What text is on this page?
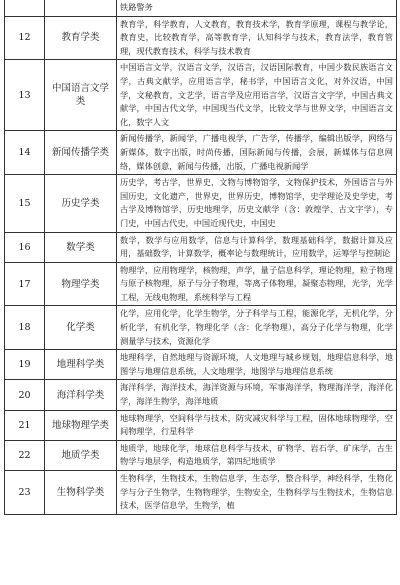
		铁路警务
12	教育学类	教育学，科学教育，人文教育，教育技术学，教育学原理，课程与教学论，教育史，比较教育学，高等教育学，认知科学与技术，教育法学，教育管理，现代教育技术，科学与技术教育
13	中国语言文学类	中国语言文学，汉语言文学，汉语言，汉语国际教育，中国少数民族语言文学，古典文献学，应用语言学，秘书学，中国语言文化，对外汉语，中国学，文秘教育，文艺学，语言学及应用语言学，汉语言文字学，中国古典文献学，中国古代文学，中国现当代文学，比较文学与世界文学，中国语言文化，数字人文
14	新闻传播学类	新闻传播学，新闻学，广播电视学，广告学，传播学，编辑出版学，网络与新媒体，数字出版，时尚传播，国际新闻与传播，会展，新媒体与信息网络，媒体创意，新闻与传播，出版，广播电视新闻学
15	历史学类	历史学，考古学，世界史，文物与博物馆学，文物保护技术，外国语言与外国历史，文化遗产，世界史，世界历史，博物馆学，史学理论及史学史，考古学及博物馆学，历史地理学，历史文献学（含：敦煌学、古文字学），专门史，中国古代史，中国近现代史，中国史
16	数学类	数学，数学与应用数学，信息与计算科学，数理基础科学，数据计算及应用，基础数学，计算数学，概率论与数理统计，应用数学，运筹学与控制论
17	物理学类	物理学，应用物理学，核物理，声学，量子信息科学，理论物理，粒子物理与原子核物理，原子与分子物理，等离子体物理，凝聚态物理，光学，光学工程，无线电物理，系统科学与工程
18	化学类	化学，应用化学，化学生物学，分子科学与工程，能源化学，无机化学，分析化学，有机化学，物理化学（含：化学物理），高分子化学与物理，化学测量学与技术，资源化学
19	地理科学类	地理科学，自然地理与资源环境，人文地理与城乡规划，地理信息科学，地图学与地理信息系统，人文地理学，地图学与地理信息系统
20	海洋科学类	海洋科学，海洋技术，海洋资源与环境，军事海洋学，物理海洋学，海洋化学，海洋生物学，海洋地质
21	地球物理学类	地球物理学，空间科学与技术，防灾减灾科学与工程，固体地球物理学，空间物理学，行星科学
22	地质学类	地质学，地球化学，地球信息科学与技术，矿物学、岩石学、矿床学，古生物学与地层学，构造地质学，第四纪地质学
23	生物科学类	生物科学，生物技术，生物信息学，生态学，整合科学，神经科学，生物化学与分子生物学，生物物理学，生物安全，生物科学与生物技术，生物信息技术，医学信息学，生物学，植
